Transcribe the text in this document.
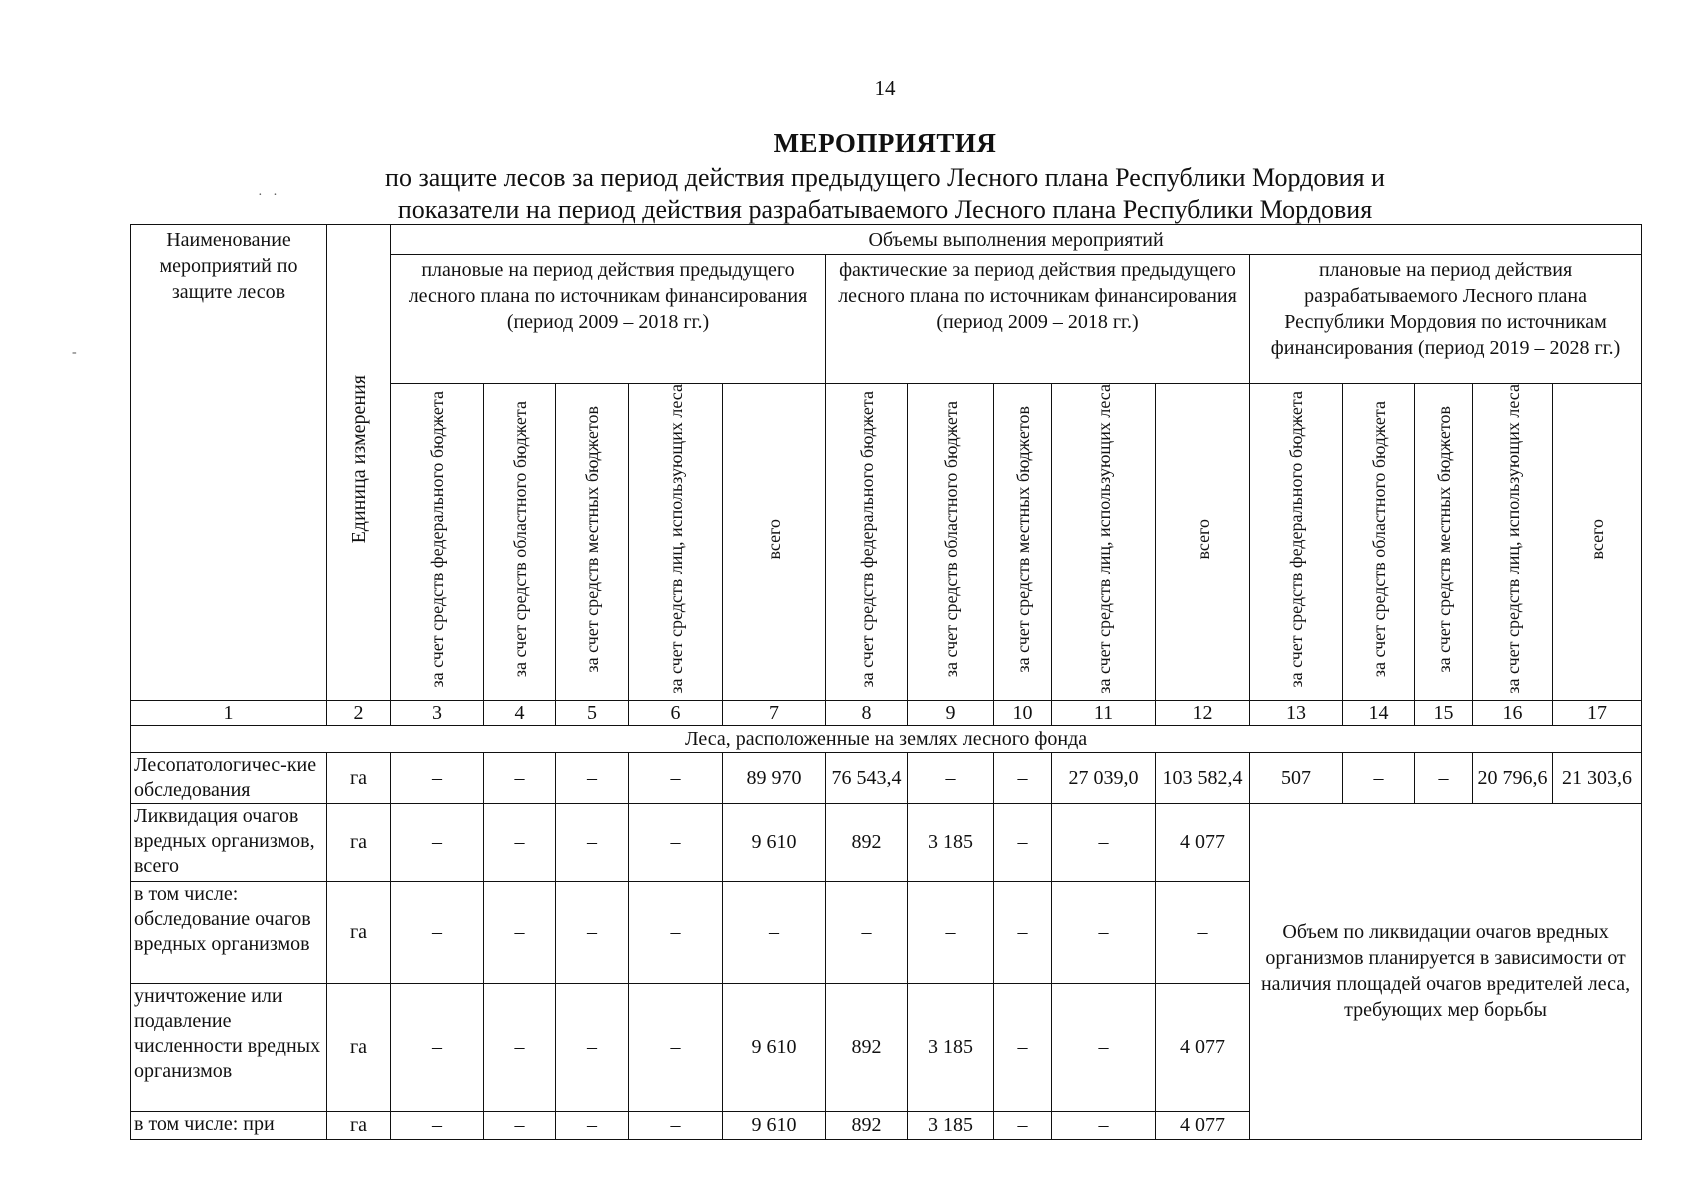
14
МЕРОПРИЯТИЯ
по защите лесов за период действия предыдущего Лесного плана Республики Мордовия и
показатели на период действия разрабатываемого Лесного плана Республики Мордовия
·   ·
-
Наименование мероприятий по защите лесов	Единица измерения	Объемы выполнения мероприятий														
		плановые на период действия предыдущего лесного плана по источникам финансирования (период 2009 – 2018 гг.)					фактические за период действия предыдущего лесного плана по источникам финансирования (период 2009 – 2018 гг.)					плановые на период действия разрабатываемого Лесного плана Республики Мордовия по источникам финансирования (период 2019 – 2028 гг.)				
		за счет средств федерального бюджета	за счет средств областного бюджета	за счет средств местных бюджетов	за счет средств лиц, использующих леса	всего	за счет средств федерального бюджета	за счет средств областного бюджета	за счет средств местных бюджетов	за счет средств лиц, использующих леса	всего	за счет средств федерального бюджета	за счет средств областного бюджета	за счет средств местных бюджетов	за счет средств лиц, использующих леса	всего
1	2	3	4	5	6	7	8	9	10	11	12	13	14	15	16	17
Леса, расположенные на землях лесного фонда																
Лесопатологичес-кие обследования	га	–	–	–	–	89 970	76 543,4	–	–	27 039,0	103 582,4	507	–	–	20 796,6	21 303,6
Ликвидация очагов вредных организмов, всего	га	–	–	–	–	9 610	892	3 185	–	–	4 077	Объем по ликвидации очагов вредных организмов планируется в зависимости от наличия площадей очагов вредителей леса, требующих мер борьбы				
в том числе: обследование очагов вредных организмов	га	–	–	–	–	–	–	–	–	–	–					
уничтожение или подавление численности вредных организмов	га	–	–	–	–	9 610	892	3 185	–	–	4 077					
в том числе: при	га	–	–	–	–	9 610	892	3 185	–	–	4 077					
